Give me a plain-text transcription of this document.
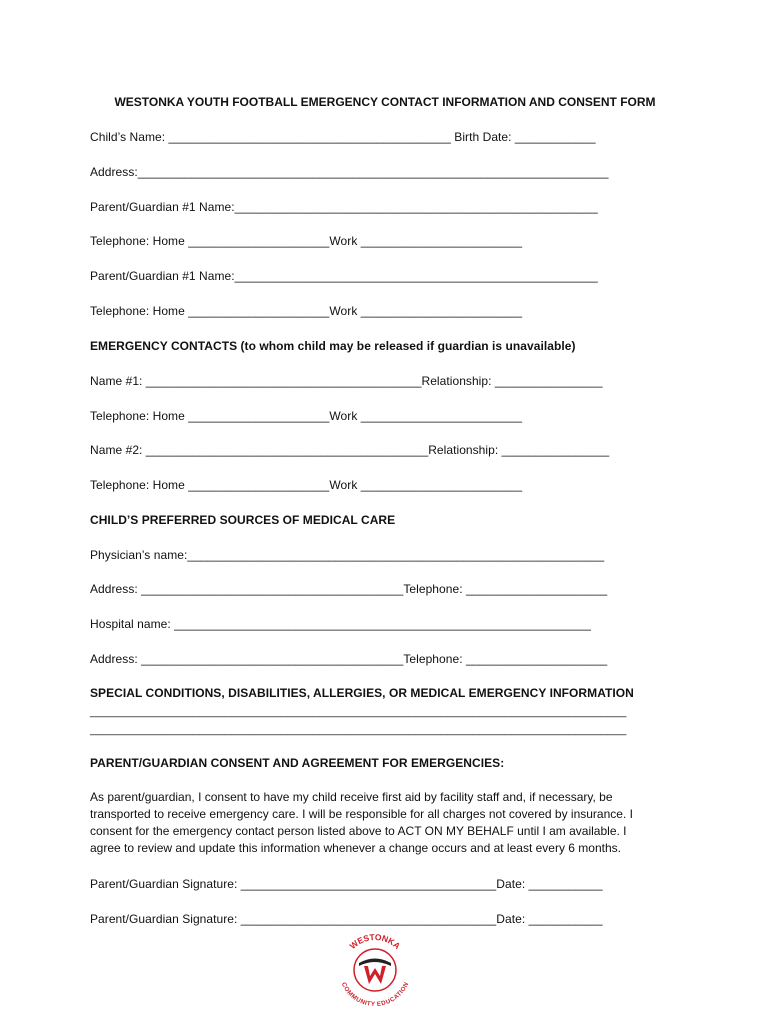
WESTONKA YOUTH FOOTBALL EMERGENCY CONTACT INFORMATION AND CONSENT FORM
Child’s Name: __________________________________________ Birth Date: ____________
Address:______________________________________________________________________
Parent/Guardian #1 Name:______________________________________________________
Telephone: Home _____________________Work ________________________
Parent/Guardian #1 Name:______________________________________________________
Telephone: Home _____________________Work ________________________
EMERGENCY CONTACTS (to whom child may be released if guardian is unavailable)
Name #1: _________________________________________Relationship: ________________
Telephone: Home _____________________Work ________________________
Name #2: __________________________________________Relationship: ________________
Telephone: Home _____________________Work ________________________
CHILD’S PREFERRED SOURCES OF MEDICAL CARE
Physician’s name:______________________________________________________________
Address: _______________________________________Telephone: _____________________
Hospital name: ______________________________________________________________
Address: _______________________________________Telephone: _____________________
SPECIAL CONDITIONS, DISABILITIES, ALLERGIES, OR MEDICAL EMERGENCY INFORMATION
____________________________________________________________________________________
____________________________________________________________________________________
PARENT/GUARDIAN CONSENT AND AGREEMENT FOR EMERGENCIES:
As parent/guardian, I consent to have my child receive first aid by facility staff and, if necessary, be
transported to receive emergency care. I will be responsible for all charges not covered by insurance. I
consent for the emergency contact person listed above to ACT ON MY BEHALF until I am available. I
agree to review and update this information whenever a change occurs and at least every 6 months.
Parent/Guardian Signature: ______________________________________Date: ___________
Parent/Guardian Signature: ______________________________________Date: ___________
WESTONKA
COMMUNITY EDUCATION
